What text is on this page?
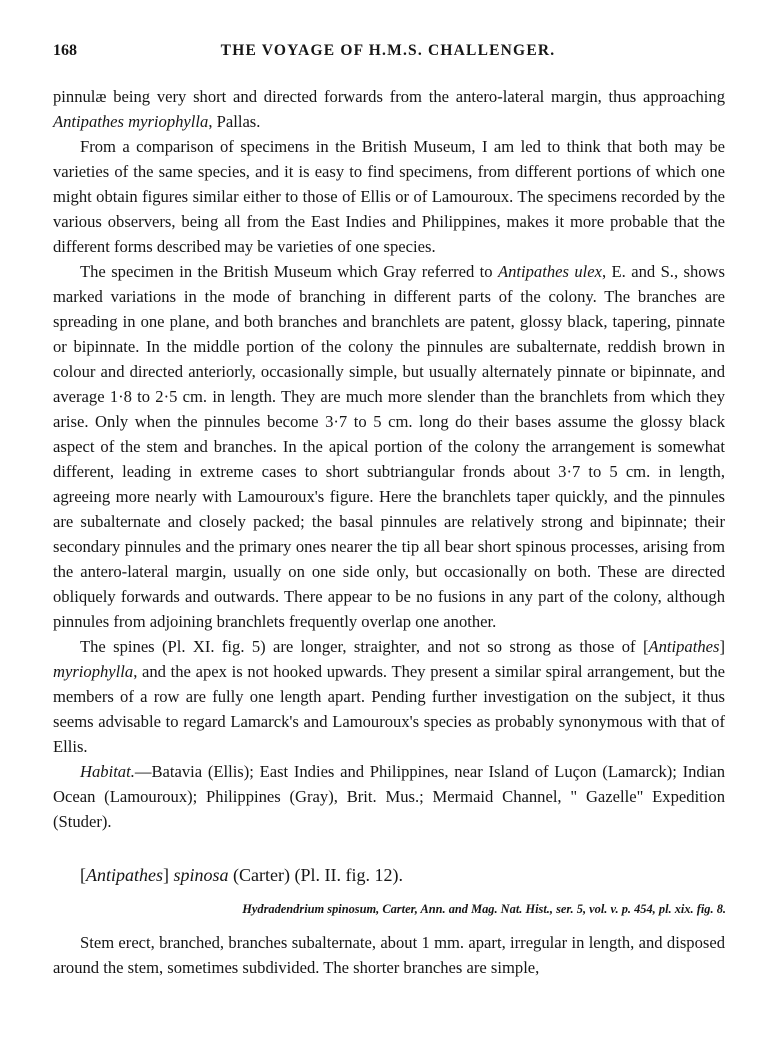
168	THE VOYAGE OF H.M.S. CHALLENGER.

pinnulæ being very short and directed forwards from the antero-lateral margin, thus approaching Antipathes myriophylla, Pallas.

From a comparison of specimens in the British Museum, I am led to think that both may be varieties of the same species, and it is easy to find specimens, from different portions of which one might obtain figures similar either to those of Ellis or of Lamouroux. The specimens recorded by the various observers, being all from the East Indies and Philippines, makes it more probable that the different forms described may be varieties of one species.

The specimen in the British Museum which Gray referred to Antipathes ulex, E. and S., shows marked variations in the mode of branching in different parts of the colony. The branches are spreading in one plane, and both branches and branchlets are patent, glossy black, tapering, pinnate or bipinnate. In the middle portion of the colony the pinnules are subalternate, reddish brown in colour and directed anteriorly, occasionally simple, but usually alternately pinnate or bipinnate, and average 1·8 to 2·5 cm. in length. They are much more slender than the branchlets from which they arise. Only when the pinnules become 3·7 to 5 cm. long do their bases assume the glossy black aspect of the stem and branches. In the apical portion of the colony the arrangement is somewhat different, leading in extreme cases to short subtriangular fronds about 3·7 to 5 cm. in length, agreeing more nearly with Lamouroux's figure. Here the branchlets taper quickly, and the pinnules are subalternate and closely packed; the basal pinnules are relatively strong and bipinnate; their secondary pinnules and the primary ones nearer the tip all bear short spinous processes, arising from the antero-lateral margin, usually on one side only, but occasionally on both. These are directed obliquely forwards and outwards. There appear to be no fusions in any part of the colony, although pinnules from adjoining branchlets frequently overlap one another.

The spines (Pl. XI. fig. 5) are longer, straighter, and not so strong as those of [Antipathes] myriophylla, and the apex is not hooked upwards. They present a similar spiral arrangement, but the members of a row are fully one length apart. Pending further investigation on the subject, it thus seems advisable to regard Lamarck's and Lamouroux's species as probably synonymous with that of Ellis.

Habitat.—Batavia (Ellis); East Indies and Philippines, near Island of Luçon (Lamarck); Indian Ocean (Lamouroux); Philippines (Gray), Brit. Mus.; Mermaid Channel, " Gazelle" Expedition (Studer).

[Antipathes] spinosa (Carter) (Pl. II. fig. 12).
Hydradendrium spinosum, Carter, Ann. and Mag. Nat. Hist., ser. 5, vol. v. p. 454, pl. xix. fig. 8.

Stem erect, branched, branches subalternate, about 1 mm. apart, irregular in length, and disposed around the stem, sometimes subdivided. The shorter branches are simple,
